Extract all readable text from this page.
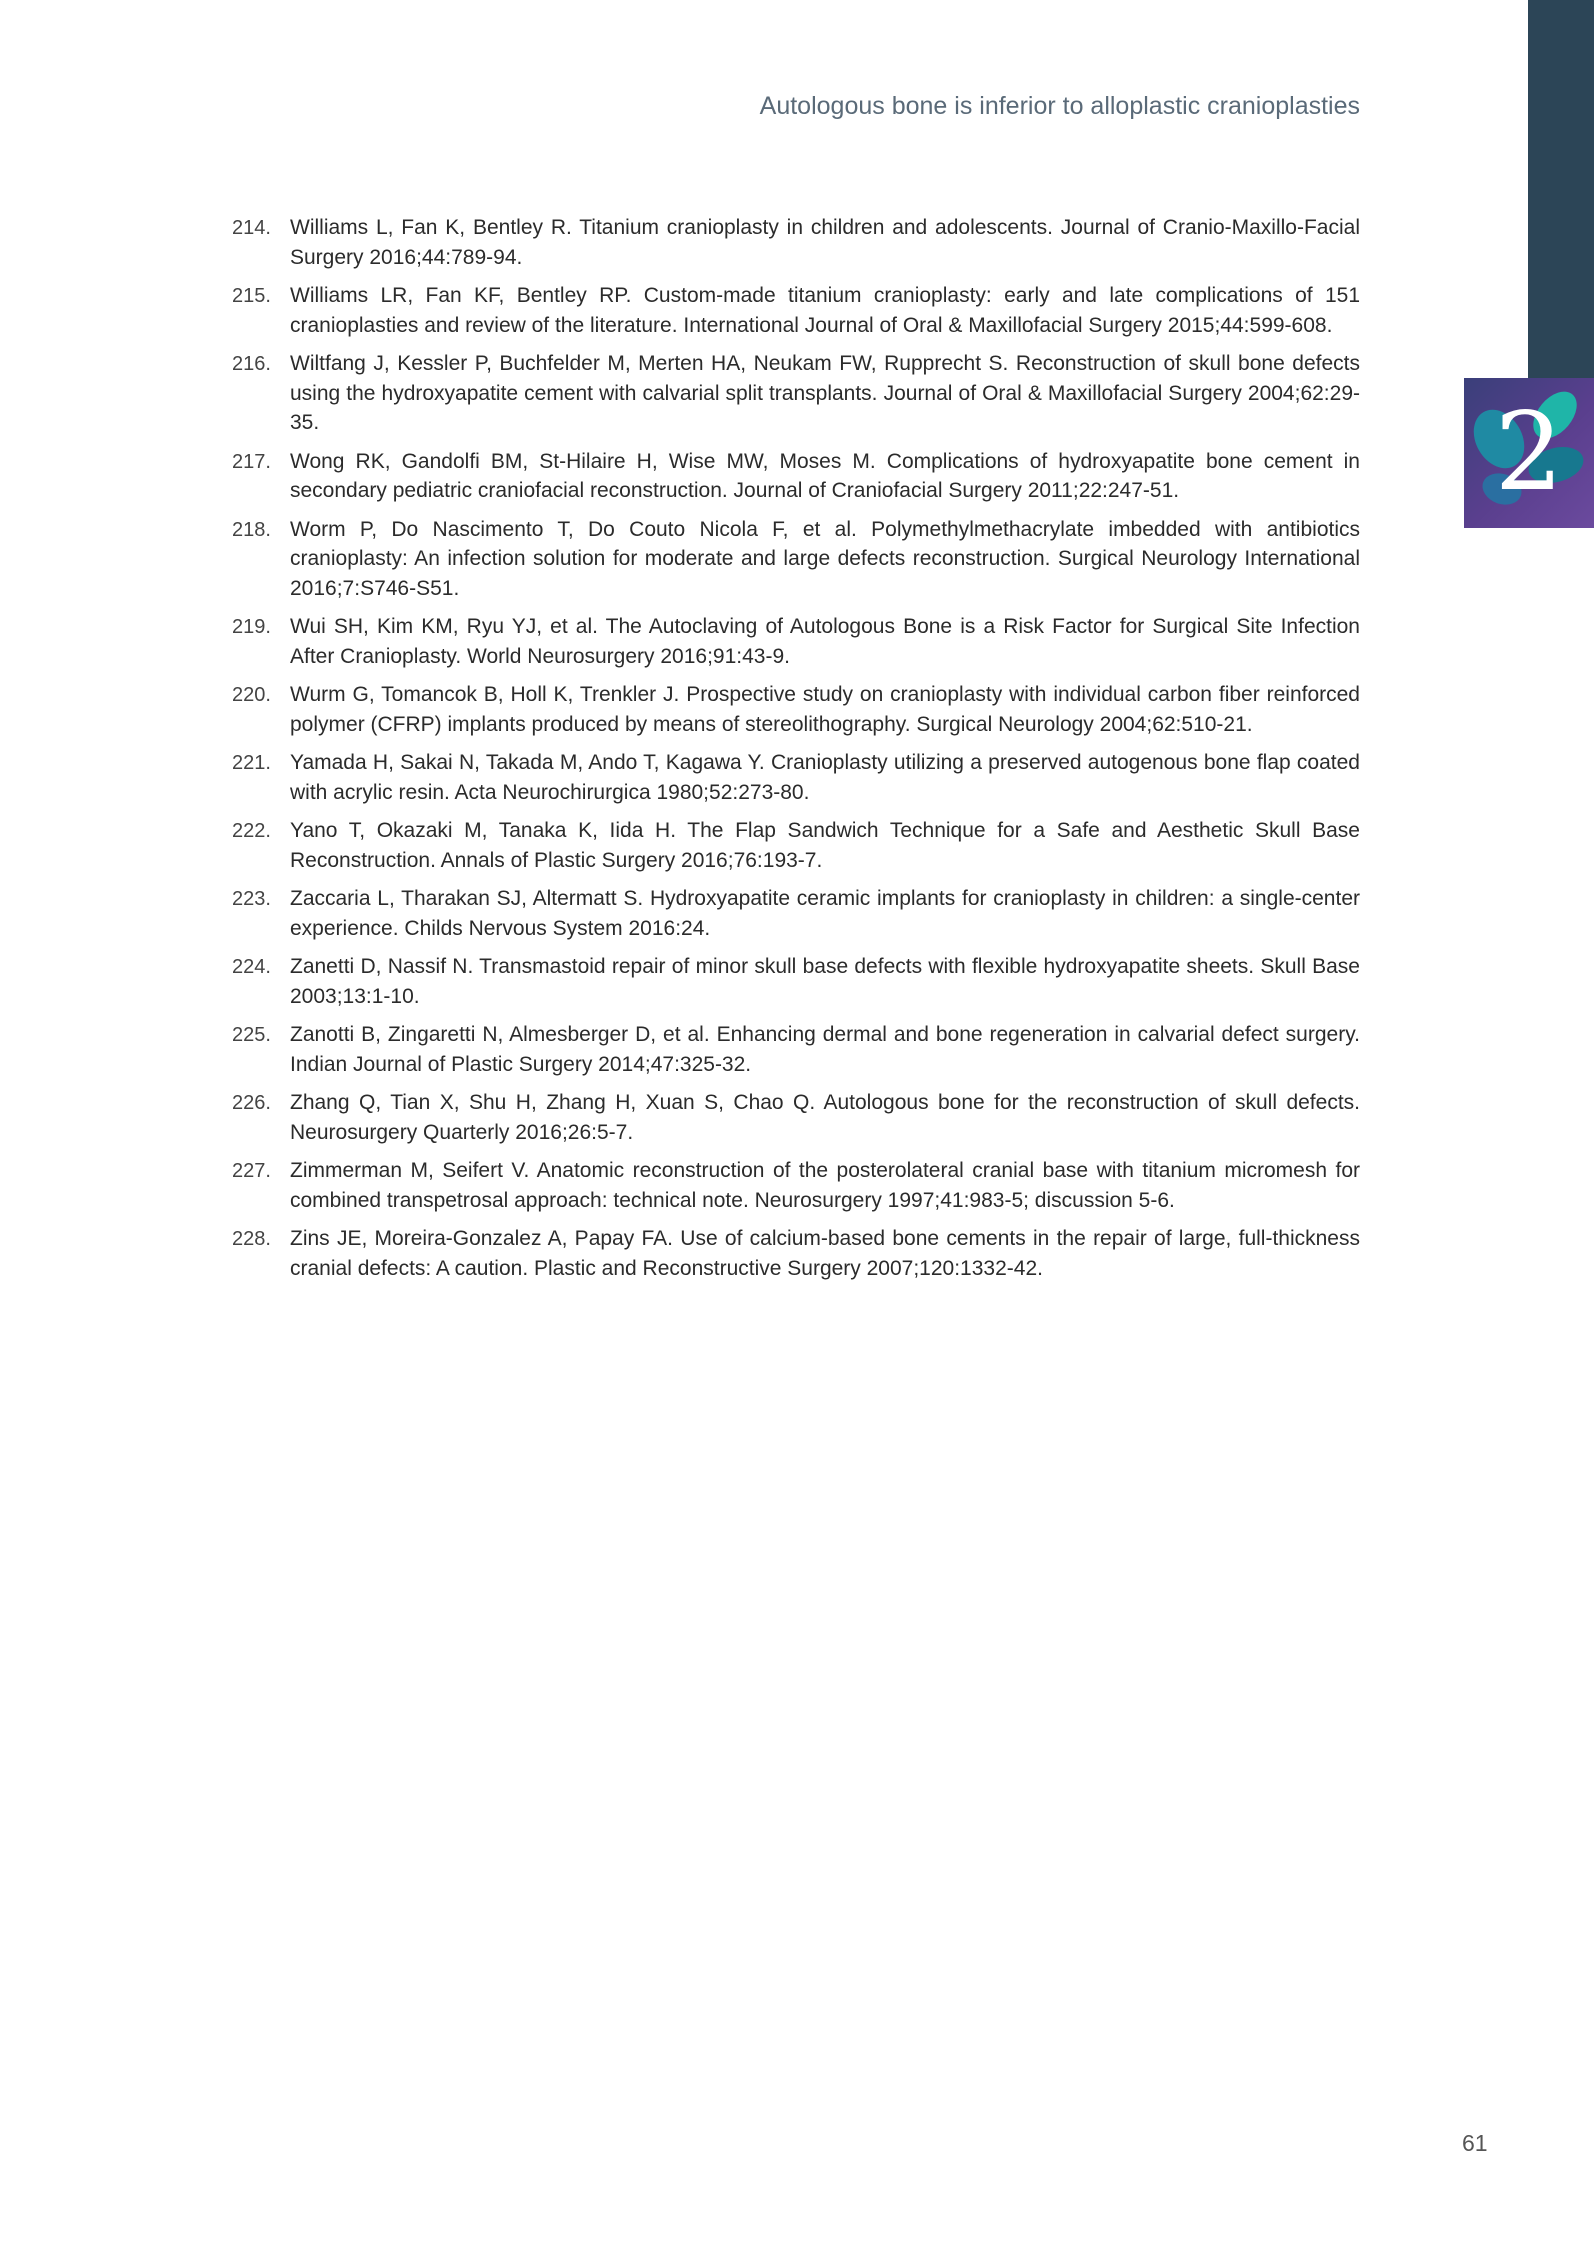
2
Autologous bone is inferior to alloplastic cranioplasties
214. Williams L, Fan K, Bentley R. Titanium cranioplasty in children and adolescents. Journal of Cranio-Maxillo-Facial Surgery 2016;44:789-94.
215. Williams LR, Fan KF, Bentley RP. Custom-made titanium cranioplasty: early and late complications of 151 cranioplasties and review of the literature. International Journal of Oral & Maxillofacial Surgery 2015;44:599-608.
216. Wiltfang J, Kessler P, Buchfelder M, Merten HA, Neukam FW, Rupprecht S. Reconstruction of skull bone defects using the hydroxyapatite cement with calvarial split transplants. Journal of Oral & Maxillofacial Surgery 2004;62:29-35.
217. Wong RK, Gandolfi BM, St-Hilaire H, Wise MW, Moses M. Complications of hydroxyapatite bone cement in secondary pediatric craniofacial reconstruction. Journal of Craniofacial Surgery 2011;22:247-51.
218. Worm P, Do Nascimento T, Do Couto Nicola F, et al. Polymethylmethacrylate imbedded with antibiotics cranioplasty: An infection solution for moderate and large defects reconstruction. Surgical Neurology International 2016;7:S746-S51.
219. Wui SH, Kim KM, Ryu YJ, et al. The Autoclaving of Autologous Bone is a Risk Factor for Surgical Site Infection After Cranioplasty. World Neurosurgery 2016;91:43-9.
220. Wurm G, Tomancok B, Holl K, Trenkler J. Prospective study on cranioplasty with individual carbon fiber reinforced polymer (CFRP) implants produced by means of stereolithography. Surgical Neurology 2004;62:510-21.
221. Yamada H, Sakai N, Takada M, Ando T, Kagawa Y. Cranioplasty utilizing a preserved autogenous bone flap coated with acrylic resin. Acta Neurochirurgica 1980;52:273-80.
222. Yano T, Okazaki M, Tanaka K, Iida H. The Flap Sandwich Technique for a Safe and Aesthetic Skull Base Reconstruction. Annals of Plastic Surgery 2016;76:193-7.
223. Zaccaria L, Tharakan SJ, Altermatt S. Hydroxyapatite ceramic implants for cranioplasty in children: a single-center experience. Childs Nervous System 2016:24.
224. Zanetti D, Nassif N. Transmastoid repair of minor skull base defects with flexible hydroxyapatite sheets. Skull Base 2003;13:1-10.
225. Zanotti B, Zingaretti N, Almesberger D, et al. Enhancing dermal and bone regeneration in calvarial defect surgery. Indian Journal of Plastic Surgery 2014;47:325-32.
226. Zhang Q, Tian X, Shu H, Zhang H, Xuan S, Chao Q. Autologous bone for the reconstruction of skull defects. Neurosurgery Quarterly 2016;26:5-7.
227. Zimmerman M, Seifert V. Anatomic reconstruction of the posterolateral cranial base with titanium micromesh for combined transpetrosal approach: technical note. Neurosurgery 1997;41:983-5; discussion 5-6.
228. Zins JE, Moreira-Gonzalez A, Papay FA. Use of calcium-based bone cements in the repair of large, full-thickness cranial defects: A caution. Plastic and Reconstructive Surgery 2007;120:1332-42.
61
